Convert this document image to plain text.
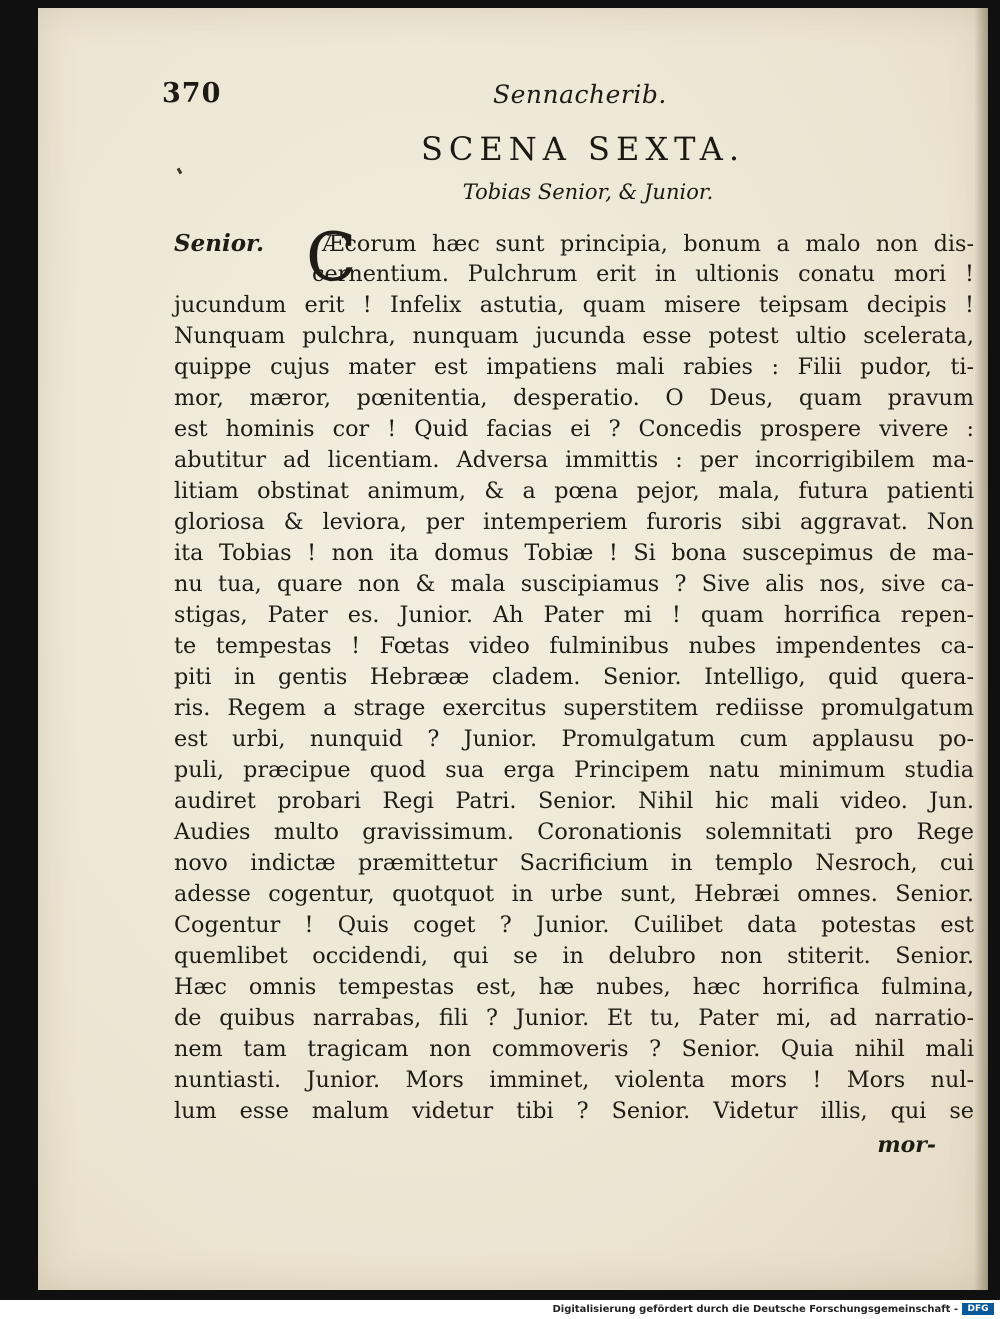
370	Sennacherib.
SCENA SEXTA.
Tobias Senior, & Junior.
C
Senior.	Æcorum hæc sunt principia, bonum a malo non dis-
cernentium. Pulchrum erit in ultionis conatu mori !
jucundum erit ! Infelix astutia, quam misere teipsam decipis !
Nunquam pulchra, nunquam jucunda esse potest ultio scelerata,
quippe cujus mater est impatiens mali rabies : Filii pudor, ti-
mor, mæror, pœnitentia, desperatio. O Deus, quam pravum
est hominis cor ! Quid facias ei ? Concedis prospere vivere :
abutitur ad licentiam. Adversa immittis : per incorrigibilem ma-
litiam obstinat animum, & a pœna pejor, mala, futura patienti
gloriosa & leviora, per intemperiem furoris sibi aggravat. Non
ita Tobias ! non ita domus Tobiæ ! Si bona suscepimus de ma-
nu tua, quare non & mala suscipiamus ? Sive alis nos, sive ca-
stigas, Pater es. Junior. Ah Pater mi ! quam horrifica repen-
te tempestas ! Fœtas video fulminibus nubes impendentes ca-
piti in gentis Hebrææ cladem. Senior. Intelligo, quid quera-
ris. Regem a strage exercitus superstitem rediisse promulgatum
est urbi, nunquid ? Junior. Promulgatum cum applausu po-
puli, præcipue quod sua erga Principem natu minimum studia
audiret probari Regi Patri. Senior. Nihil hic mali video. Jun.
Audies multo gravissimum. Coronationis solemnitati pro Rege
novo indictæ præmittetur Sacrificium in templo Nesroch, cui
adesse cogentur, quotquot in urbe sunt, Hebræi omnes. Senior.
Cogentur ! Quis coget ? Junior. Cuilibet data potestas est
quemlibet occidendi, qui se in delubro non stiterit. Senior.
Hæc omnis tempestas est, hæ nubes, hæc horrifica fulmina,
de quibus narrabas, fili ? Junior. Et tu, Pater mi, ad narratio-
nem tam tragicam non commoveris ? Senior. Quia nihil mali
nuntiasti. Junior. Mors imminet, violenta mors ! Mors nul-
lum esse malum videtur tibi ? Senior. Videtur illis, qui se
mor-
Digitalisierung gefördert durch die Deutsche Forschungsgemeinschaft -	DFG
